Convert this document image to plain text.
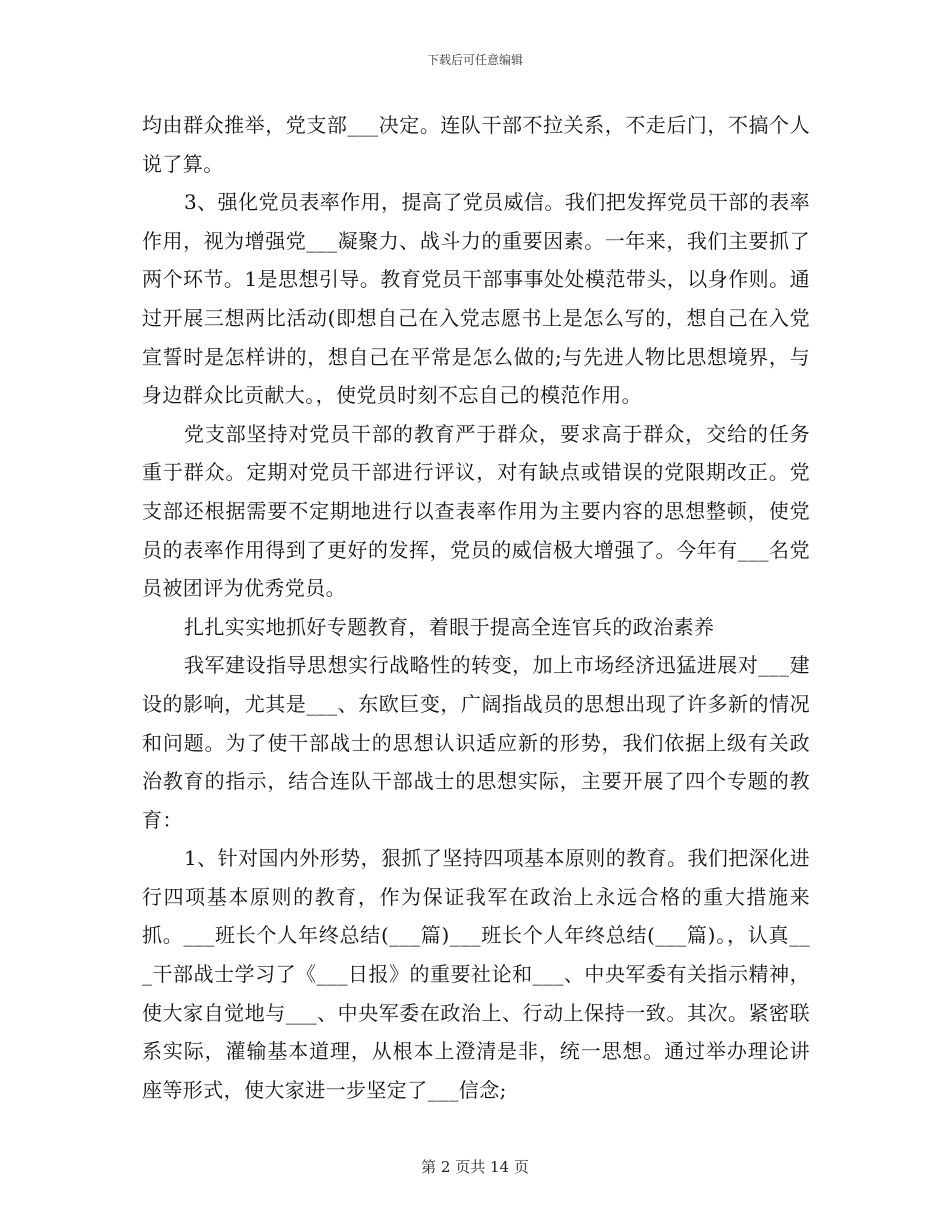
下载后可任意编辑

均由群众推举，党支部___决定。连队干部不拉关系，不走后门，不搞个人说了算。

3、强化党员表率作用，提高了党员威信。我们把发挥党员干部的表率作用，视为增强党___凝聚力、战斗力的重要因素。一年来，我们主要抓了两个环节。1是思想引导。教育党员干部事事处处模范带头，以身作则。通过开展三想两比活动(即想自己在入党志愿书上是怎么写的，想自己在入党宣誓时是怎样讲的，想自己在平常是怎么做的;与先进人物比思想境界，与身边群众比贡献大。，使党员时刻不忘自己的模范作用。

党支部坚持对党员干部的教育严于群众，要求高于群众，交给的任务重于群众。定期对党员干部进行评议，对有缺点或错误的党限期改正。党支部还根据需要不定期地进行以查表率作用为主要内容的思想整顿，使党员的表率作用得到了更好的发挥，党员的威信极大增强了。今年有___名党员被团评为优秀党员。

扎扎实实地抓好专题教育，着眼于提高全连官兵的政治素养

我军建设指导思想实行战略性的转变，加上市场经济迅猛进展对___建设的影响，尤其是___、东欧巨变，广阔指战员的思想出现了许多新的情况和问题。为了使干部战士的思想认识适应新的形势，我们依据上级有关政治教育的指示，结合连队干部战士的思想实际，主要开展了四个专题的教育：

1、针对国内外形势，狠抓了坚持四项基本原则的教育。我们把深化进行四项基本原则的教育，作为保证我军在政治上永远合格的重大措施来抓。___班长个人年终总结(___篇)___班长个人年终总结(___篇)。，认真___干部战士学习了《___日报》的重要社论和___、中央军委有关指示精神，使大家自觉地与___、中央军委在政治上、行动上保持一致。其次。紧密联系实际，灌输基本道理，从根本上澄清是非，统一思想。通过举办理论讲座等形式，使大家进一步坚定了___信念;

第 2 页共 14 页
